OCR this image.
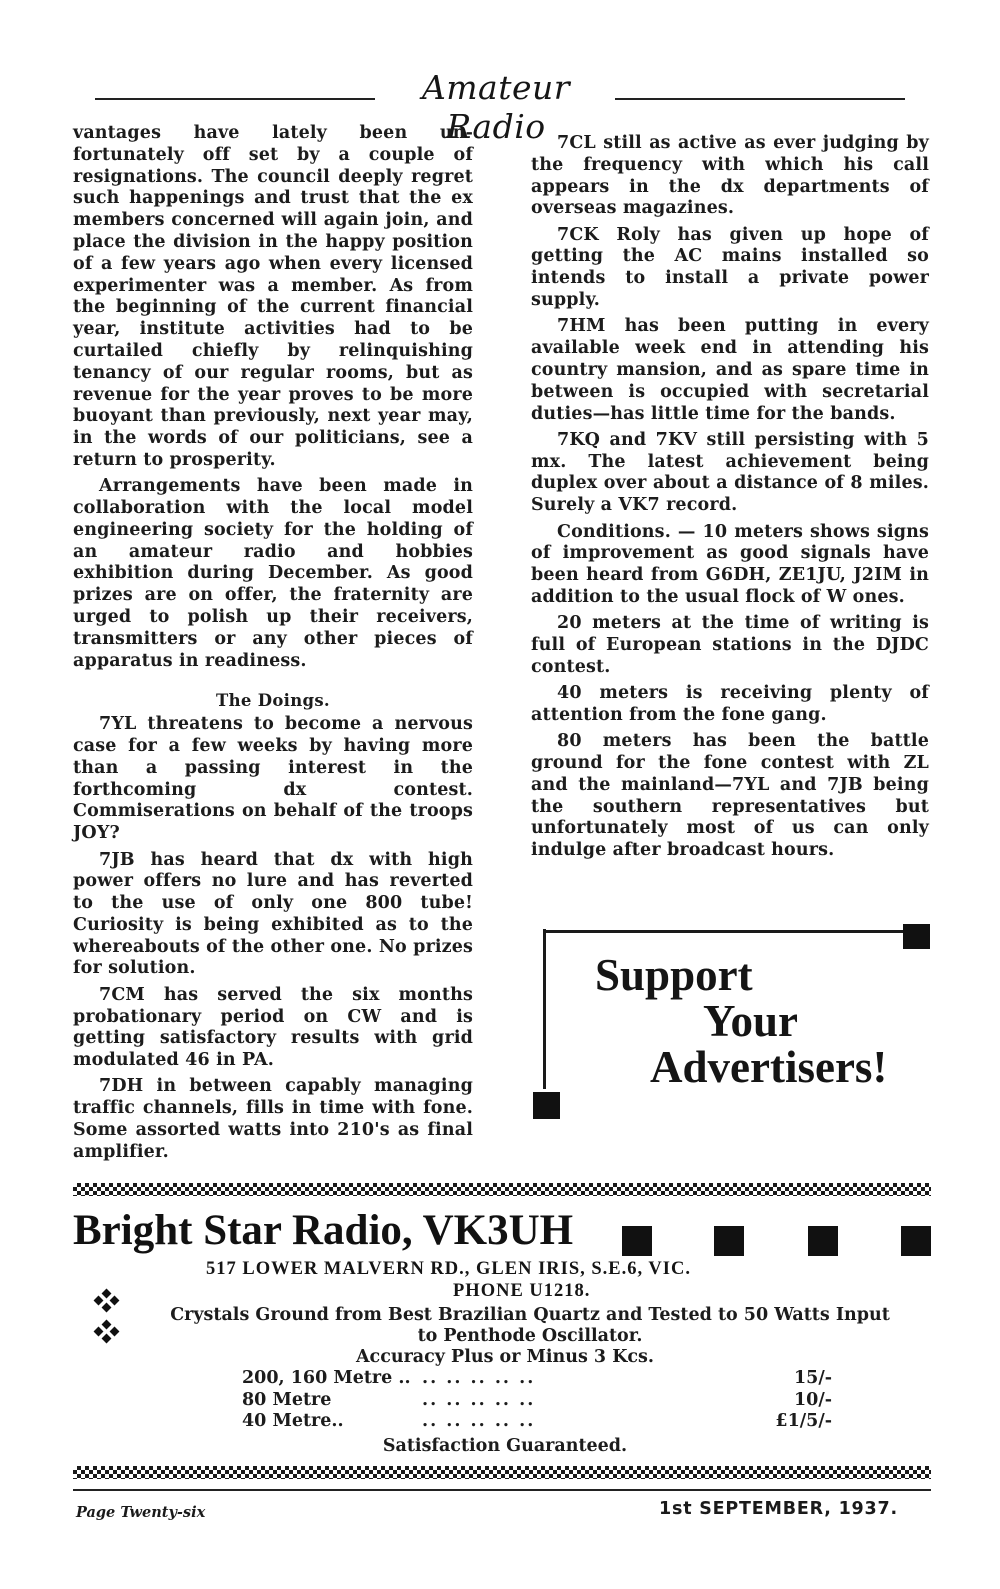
Amateur Radio

vantages have lately been un-fortunately off set by a couple of resignations. The council deeply regret such happenings and trust that the ex members concerned will again join, and place the division in the happy position of a few years ago when every licensed experimenter was a member. As from the beginning of the current financial year, institute activities had to be curtailed chiefly by relinquishing tenancy of our regular rooms, but as revenue for the year proves to be more buoyant than previously, next year may, in the words of our politicians, see a return to prosperity.

Arrangements have been made in collaboration with the local model engineering society for the holding of an amateur radio and hobbies exhibition during December. As good prizes are on offer, the fraternity are urged to polish up their receivers, transmitters or any other pieces of apparatus in readiness.

The Doings.

7YL threatens to become a nervous case for a few weeks by having more than a passing interest in the forthcoming dx contest. Commiserations on behalf of the troops JOY?

7JB has heard that dx with high power offers no lure and has reverted to the use of only one 800 tube! Curiosity is being exhibited as to the whereabouts of the other one. No prizes for solution.

7CM has served the six months probationary period on CW and is getting satisfactory results with grid modulated 46 in PA.

7DH in between capably managing traffic channels, fills in time with fone. Some assorted watts into 210's as final amplifier.

7CL still as active as ever judging by the frequency with which his call appears in the dx departments of overseas magazines.

7CK Roly has given up hope of getting the AC mains installed so intends to install a private power supply.

7HM has been putting in every available week end in attending his country mansion, and as spare time in between is occupied with secretarial duties—has little time for the bands.

7KQ and 7KV still persisting with 5 mx. The latest achievement being duplex over about a distance of 8 miles. Surely a VK7 record.

Conditions. — 10 meters shows signs of improvement as good signals have been heard from G6DH, ZE1JU, J2IM in addition to the usual flock of W ones.

20 meters at the time of writing is full of European stations in the DJDC contest.

40 meters is receiving plenty of attention from the fone gang.

80 meters has been the battle ground for the fone contest with ZL and the mainland—7YL and 7JB being the southern representatives but unfortunately most of us can only indulge after broadcast hours.

Support
Your
Advertisers!
Bright Star Radio, VK3UH
517 LOWER MALVERN RD., GLEN IRIS, S.E.6, VIC.
PHONE U1218.
Crystals Ground from Best Brazilian Quartz and Tested to 50 Watts Input
to Penthode Oscillator.
Accuracy Plus or Minus 3 Kcs.
200, 160 Metre ..	.. .. .. .. ..	15/-
80 Metre	.. .. .. .. ..	10/-
40 Metre..	.. .. .. .. ..	£1/5/-
Satisfaction Guaranteed.
Page Twenty-six	1st SEPTEMBER, 1937.
